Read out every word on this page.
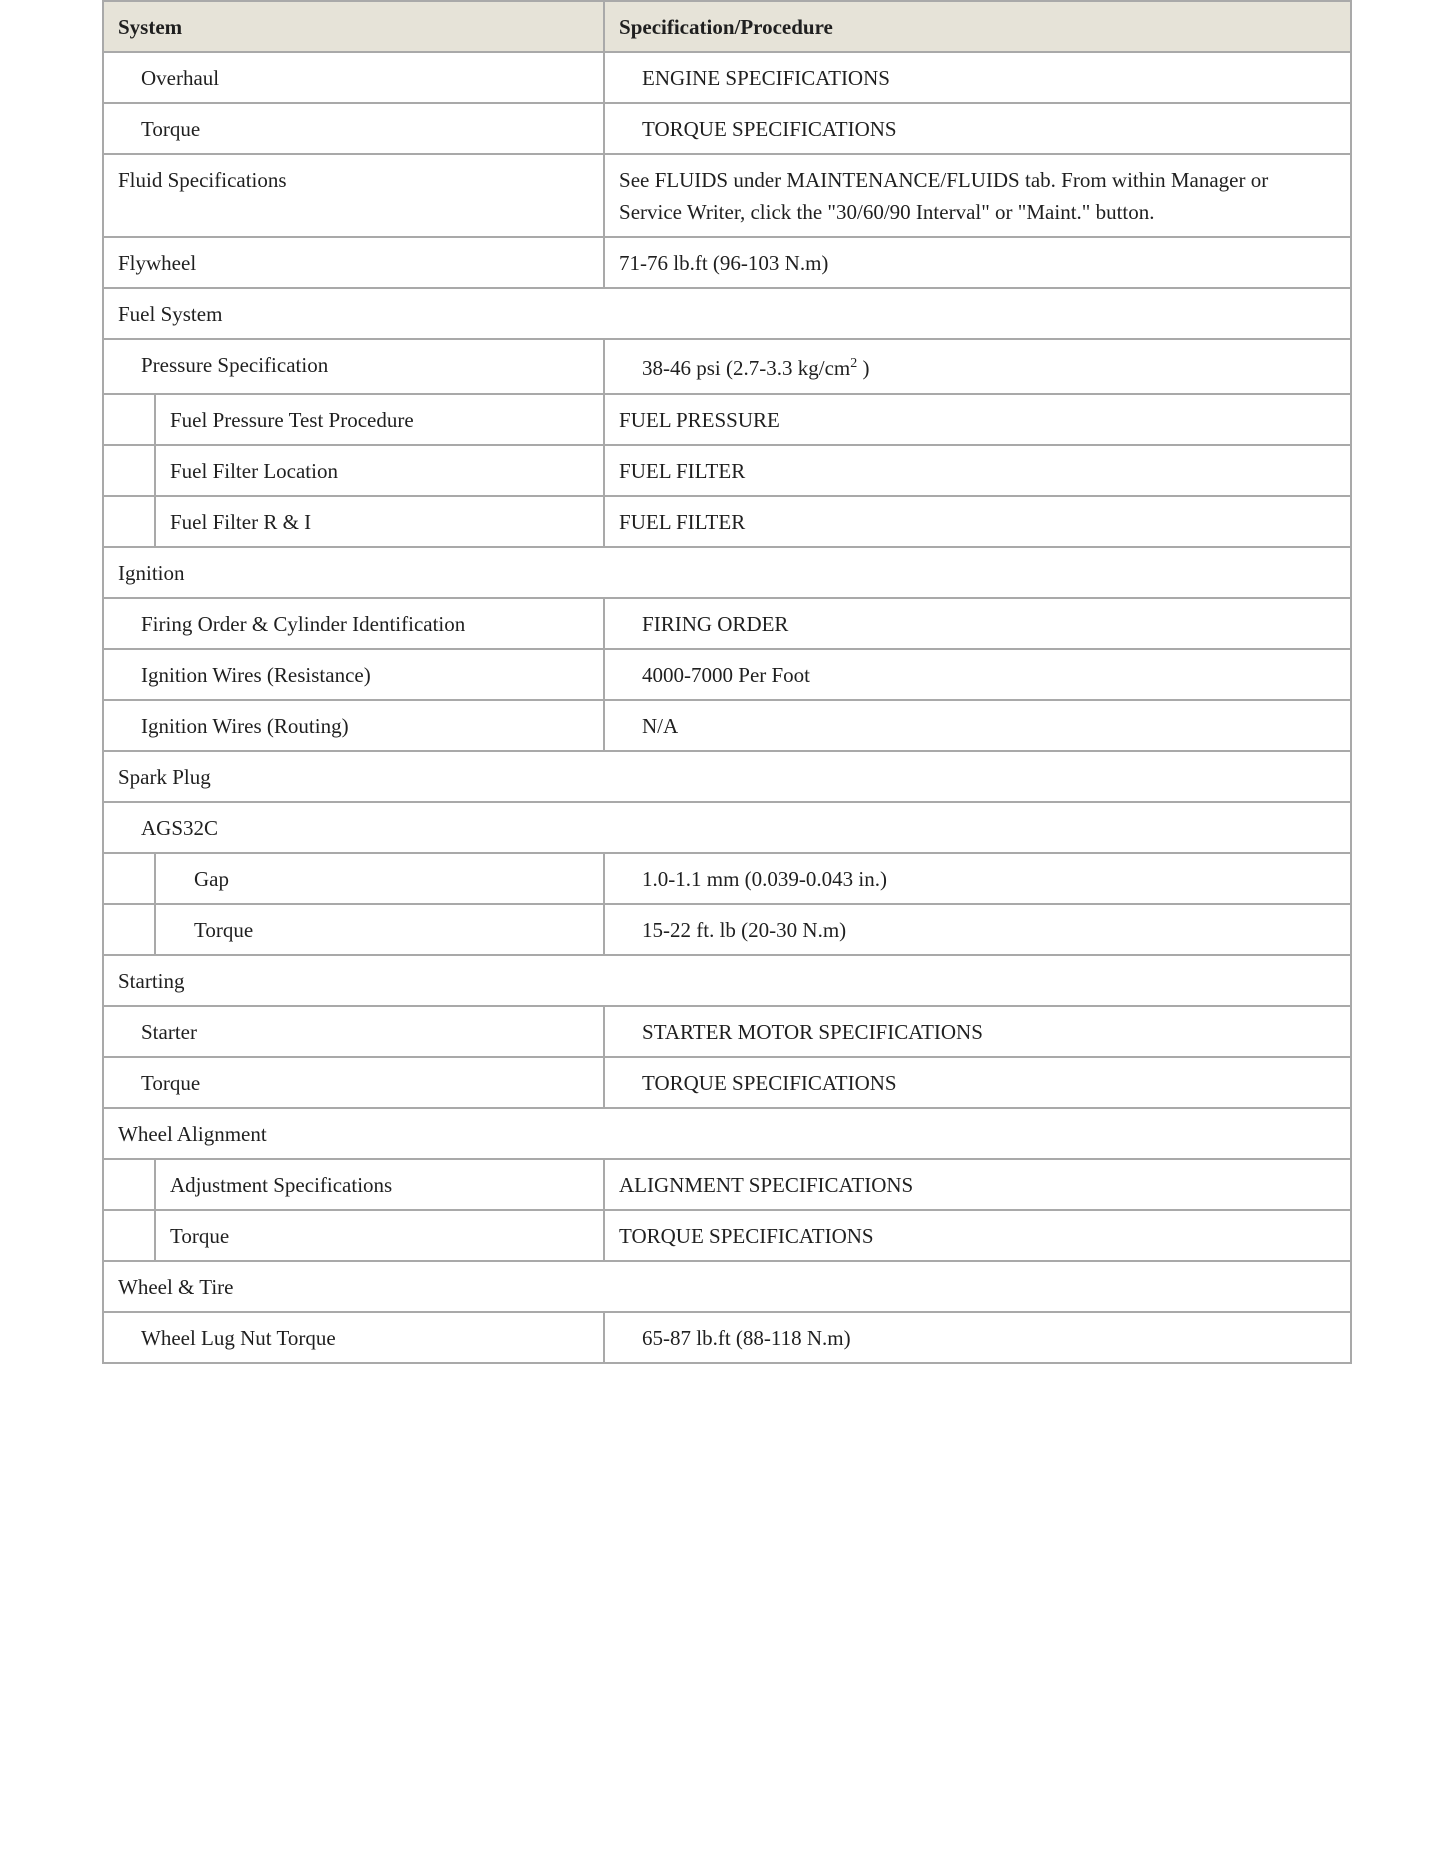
System		Specification/Procedure
Overhaul		ENGINE SPECIFICATIONS
Torque		TORQUE SPECIFICATIONS
Fluid Specifications		See FLUIDS under MAINTENANCE/FLUIDS tab. From within Manager or Service Writer, click the "30/60/90 Interval" or "Maint." button.
Flywheel		71-76 lb.ft (96-103 N.m)
Fuel System		
Pressure Specification		38-46 psi (2.7-3.3 $kg/cm^2$ )
	Fuel Pressure Test Procedure	FUEL PRESSURE
	Fuel Filter Location	FUEL FILTER
	Fuel Filter R & I	FUEL FILTER
Ignition		
Firing Order & Cylinder Identification		FIRING ORDER
Ignition Wires (Resistance)		4000-7000 Per Foot
Ignition Wires (Routing)		N/A
Spark Plug		
AGS32C		
	Gap	1.0-1.1 mm (0.039-0.043 in.)
	Torque	15-22 ft. lb (20-30 N.m)
Starting		
Starter		STARTER MOTOR SPECIFICATIONS
Torque		TORQUE SPECIFICATIONS
Wheel Alignment		
	Adjustment Specifications	ALIGNMENT SPECIFICATIONS
	Torque	TORQUE SPECIFICATIONS
Wheel & Tire		
Wheel Lug Nut Torque		65-87 lb.ft (88-118 N.m)
